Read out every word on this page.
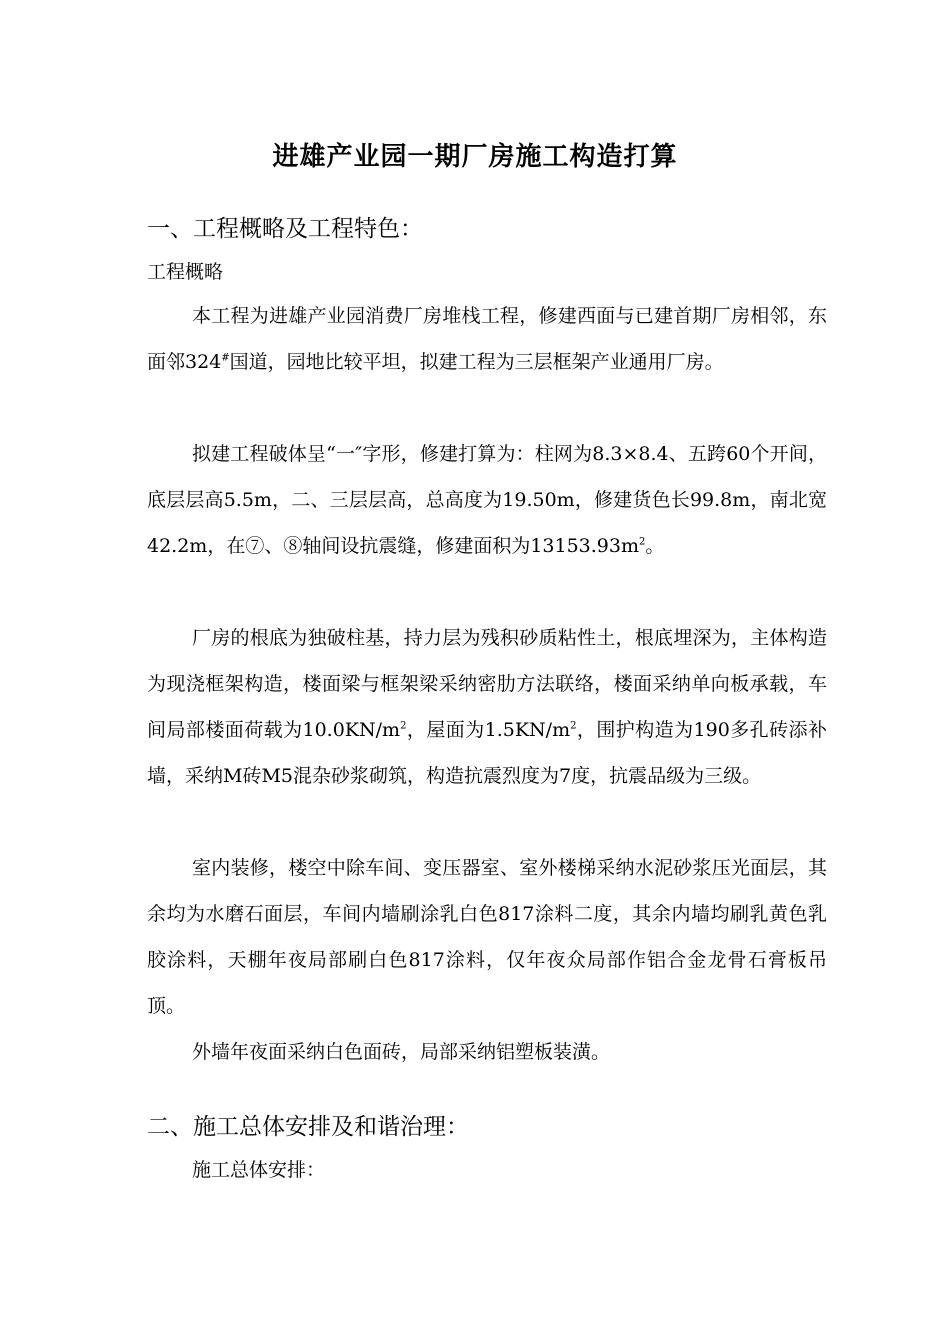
进雄产业园一期厂房施工构造打算
一、工程概略及工程特色：
工程概略

本工程为进雄产业园消费厂房堆栈工程，修建西面与已建首期厂房相邻，东面邻324#国道，园地比较平坦，拟建工程为三层框架产业通用厂房。

拟建工程破体呈“一″字形，修建打算为：柱网为8.3×8.4、五跨60个开间，底层层高5.5m，二、三层层高，总高度为19.50m，修建货色长99.8m，南北宽42.2m，在⑦、⑧轴间设抗震缝，修建面积为$13153.93m^2$。

厂房的根底为独破柱基，持力层为残积砂质粘性土，根底埋深为，主体构造为现浇框架构造，楼面梁与框架梁采纳密肋方法联络，楼面采纳单向板承载，车间局部楼面荷载为$10.0KN/m^2$，屋面为$1.5KN/m^2$，围护构造为190多孔砖添补墙，采纳M砖M5混杂砂浆砌筑，构造抗震烈度为7度，抗震品级为三级。

室内装修，楼空中除车间、变压器室、室外楼梯采纳水泥砂浆压光面层，其余均为水磨石面层，车间内墙刷涂乳白色817涂料二度，其余内墙均刷乳黄色乳胶涂料，天棚年夜局部刷白色817涂料，仅年夜众局部作铝合金龙骨石膏板吊顶。

外墙年夜面采纳白色面砖，局部采纳铝塑板装潢。

二、施工总体安排及和谐治理：
施工总体安排：
